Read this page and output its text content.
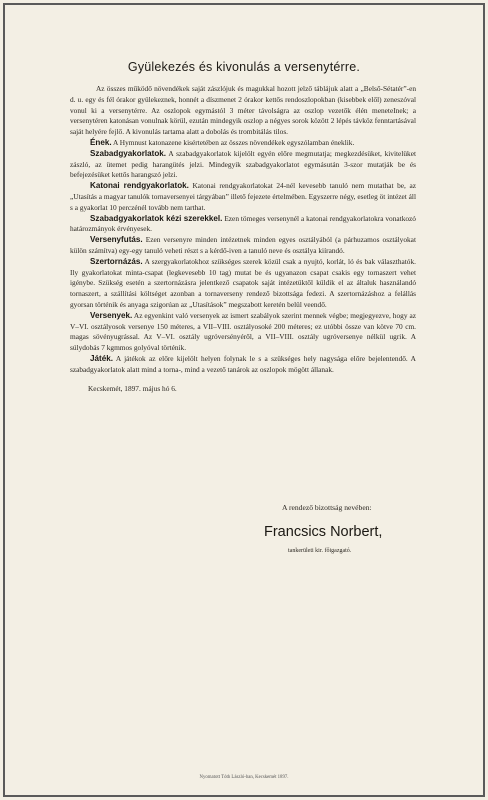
Gyülekezés és kivonulás a versenytérre.

Az összes működő növendékek saját zászlójuk és magukkal hozott jelző táblájuk alatt a „Belső-Sétatér”-en d. u. egy és fél órakor gyülekeznek, honnét a díszmenet 2 órakor kettős rendoszlopokban (kisebbek elől) zeneszóval vonul ki a versenytérre. Az oszlopok egymástól 3 méter távolságra az oszlop vezetők élén meneteInek; a versenytéren katonásan vonulnak körül, ezután mindegyik oszlop a négyes sorok között 2 lépés távköz fenntartásával saját helyére fejlő. A kivonulás tartama alatt a dobolás és trombitálás tilos.

Ének. A Hymnust katonazene kisértetében az összes növendékek egyszólamban éneklik.

Szabadgyakorlatok. A szabadgyakorlatok kijelölt egyén előre megmutatja; megkezdésüket, kivitelüket zászló, az ütemet pedig harangütés jelzi. Mindegyik szabadgyakorlatot egymásután 3-szor mutatják be és befejezésüket kettős harangszó jelzi.

Katonai rendgyakorlatok. Katonai rendgyakorlatokat 24-nél kevesebb tanuló nem mutathat be, az „Utasítás a magyar tanulók tornaversenyei tárgyában” illető fejezete értelmében. Egyszerre négy, esetleg öt intézet áll s a gyakorlat 10 perczénél tovább nem tarthat.

Szabadgyakorlatok kézi szerekkel. Ezen tömeges versenynél a katonai rendgyakorlatokra vonatkozó határozmányok érvényesek.

Versenyfutás. Ezen versenyre minden intézetnek minden egyes osztályából (a párhuzamos osztályokat külön számítva) egy-egy tanuló veheti részt s a kérdő-iven a tanuló neve és osztálya kiírandó.

Szertornázás. A szergyakorlatokhoz szükséges szerek közül csak a nyujtó, korlát, ló és bak választhatók. Ily gyakorlatokat minta-csapat (legkevesebb 10 tag) mutat be és ugyanazon csapat csakis egy tornaszert vehet igénybe. Szükség esetén a szertornázásra jelentkező csapatok saját intézetüktől küldik el az általuk használandó tornaszert, a szállítási költséget azonban a tornaverseny rendező bizottsága fedezi. A szertornázáshoz a felállás gyorsan történik és anyaga szigorúan az „Utasítások” megszabott keretén belül veendő.

Versenyek. Az egyenkint való versenyek az ismert szabályok szerint mennek végbe; megjegyezve, hogy az V–VI. osztályosok versenye 150 méteres, a VII–VIII. osztályosoké 200 méteres; ez utóbbi össze van kötve 70 cm. magas sövényugrással. Az V–VI. osztály ugróversényéről, a VII–VIII. osztály ugróversenye nélkül ugrik. A súlydobás 7 kgmmos golyóval történik.

Játék. A játékok az előre kijelölt helyen folynak le s a szükséges hely nagysága előre bejelentendő. A szabadgyakorlatok alatt mind a torna-, mind a vezető tanárok az oszlopok mögött állanak.

Kecskemét, 1897. május hó 6.

A rendező bizottság nevében:
Francsics Norbert,
tankerületi kir. főigazgató.
Nyomatott Tóth László-ban, Kecskemét 1897.
